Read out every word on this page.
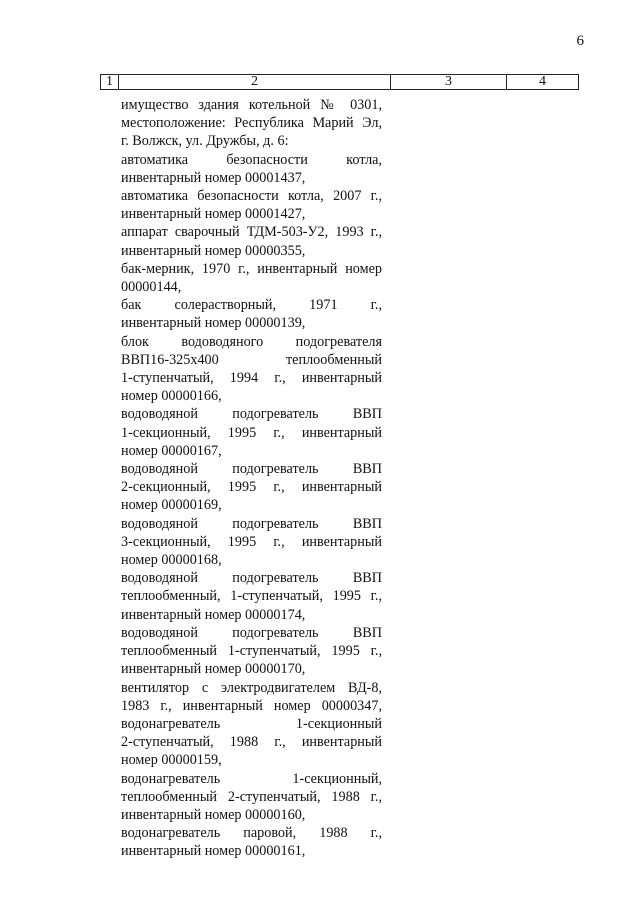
6
1	2	3	4
имущество здания котельной № 0301,
местоположение: Республика Марий Эл,
г. Волжск, ул. Дружбы, д. 6:
автоматика безопасности котла,
инвентарный номер 00001437,
автоматика безопасности котла, 2007 г.,
инвентарный номер 00001427,
аппарат сварочный ТДМ-503-У2, 1993 г.,
инвентарный номер 00000355,
бак-мерник, 1970 г., инвентарный номер
00000144,
бак солерастворный, 1971 г.,
инвентарный номер 00000139,
блок водоводяного подогревателя
ВВП16-325х400 теплообменный
1-ступенчатый, 1994 г., инвентарный
номер 00000166,
водоводяной подогреватель ВВП
1-секционный, 1995 г., инвентарный
номер 00000167,
водоводяной подогреватель ВВП
2-секционный, 1995 г., инвентарный
номер 00000169,
водоводяной подогреватель ВВП
3-секционный, 1995 г., инвентарный
номер 00000168,
водоводяной подогреватель ВВП
теплообменный, 1-ступенчатый, 1995 г.,
инвентарный номер 00000174,
водоводяной подогреватель ВВП
теплообменный 1-ступенчатый, 1995 г.,
инвентарный номер 00000170,
вентилятор с электродвигателем ВД-8,
1983 г., инвентарный номер 00000347,
водонагреватель 1-секционный
2-ступенчатый, 1988 г., инвентарный
номер 00000159,
водонагреватель 1-секционный,
теплообменный 2-ступенчатый, 1988 г.,
инвентарный номер 00000160,
водонагреватель паровой, 1988 г.,
инвентарный номер 00000161,
